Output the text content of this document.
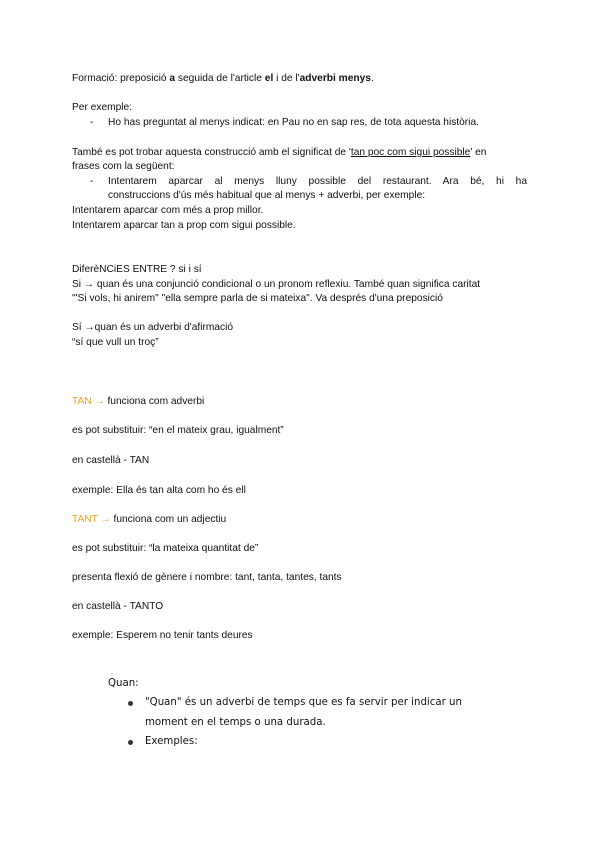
Formació: preposició a seguida de l'article el i de l'adverbi menys.
Per exemple:
- Ho has preguntat al menys indicat: en Pau no en sap res, de tota aquesta història.
També es pot trobar aquesta construcció amb el significat de 'tan poc com sigui possible' en
frases com la següent:
- Intentarem aparcar al menys lluny possible del restaurant. Ara bé, hi ha
construccions d'ús més habitual que al menys + adverbi, per exemple:
Intentarem aparcar com més a prop millor.
Intentarem aparcar tan a prop com sigui possible.
DiferèNCiES ENTRE ? si i sí
Si → quan és una conjunció condicional o un pronom reflexiu. També quan significa caritat
"'Si vols, hi anirem" "ella sempre parla de si mateixa". Va després d'una preposició
Sí →quan és un adverbi d'afirmació
“sí que vull un troç”
TAN → funciona com adverbi
es pot substituir: “en el mateix grau, igualment”
en castellà - TAN
exemple: Ella és tan alta com ho és ell
TANT → funciona com un adjectiu
es pot substituir: “la mateixa quantitat de”
presenta flexió de gènere i nombre: tant, tanta, tantes, tants
en castellà - TANTO
exemple: Esperem no tenir tants deures
Quan:
"Quan" és un adverbi de temps que es fa servir per indicar un
moment en el temps o una durada.
Exemples:
